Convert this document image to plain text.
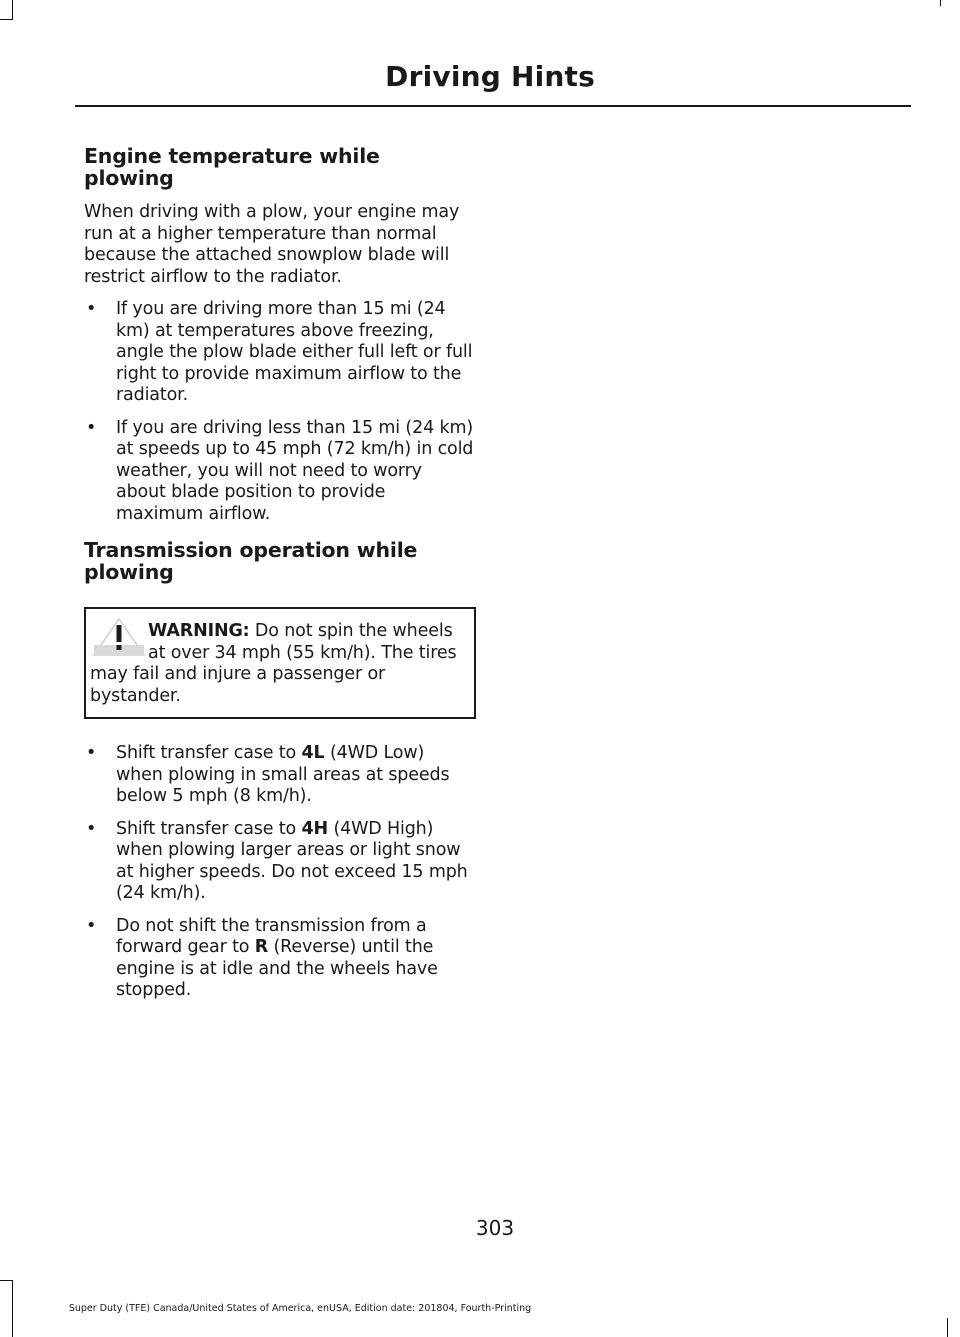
Driving Hints
Engine temperature while plowing

When driving with a plow, your engine may run at a higher temperature than normal because the attached snowplow blade will restrict airflow to the radiator.

• If you are driving more than 15 mi (24 km) at temperatures above freezing, angle the plow blade either full left or full right to provide maximum airflow to the radiator.
• If you are driving less than 15 mi (24 km) at speeds up to 45 mph (72 km/h) in cold weather, you will not need to worry about blade position to provide maximum airflow.
Transmission operation while plowing
WARNING: Do not spin the wheels at over 34 mph (55 km/h). The tires may fail and injure a passenger or bystander.
• Shift transfer case to 4L (4WD Low) when plowing in small areas at speeds below 5 mph (8 km/h).
• Shift transfer case to 4H (4WD High) when plowing larger areas or light snow at higher speeds. Do not exceed 15 mph (24 km/h).
• Do not shift the transmission from a forward gear to R (Reverse) until the engine is at idle and the wheels have stopped.
303
Super Duty (TFE) Canada/United States of America, enUSA, Edition date: 201804, Fourth-Printing
